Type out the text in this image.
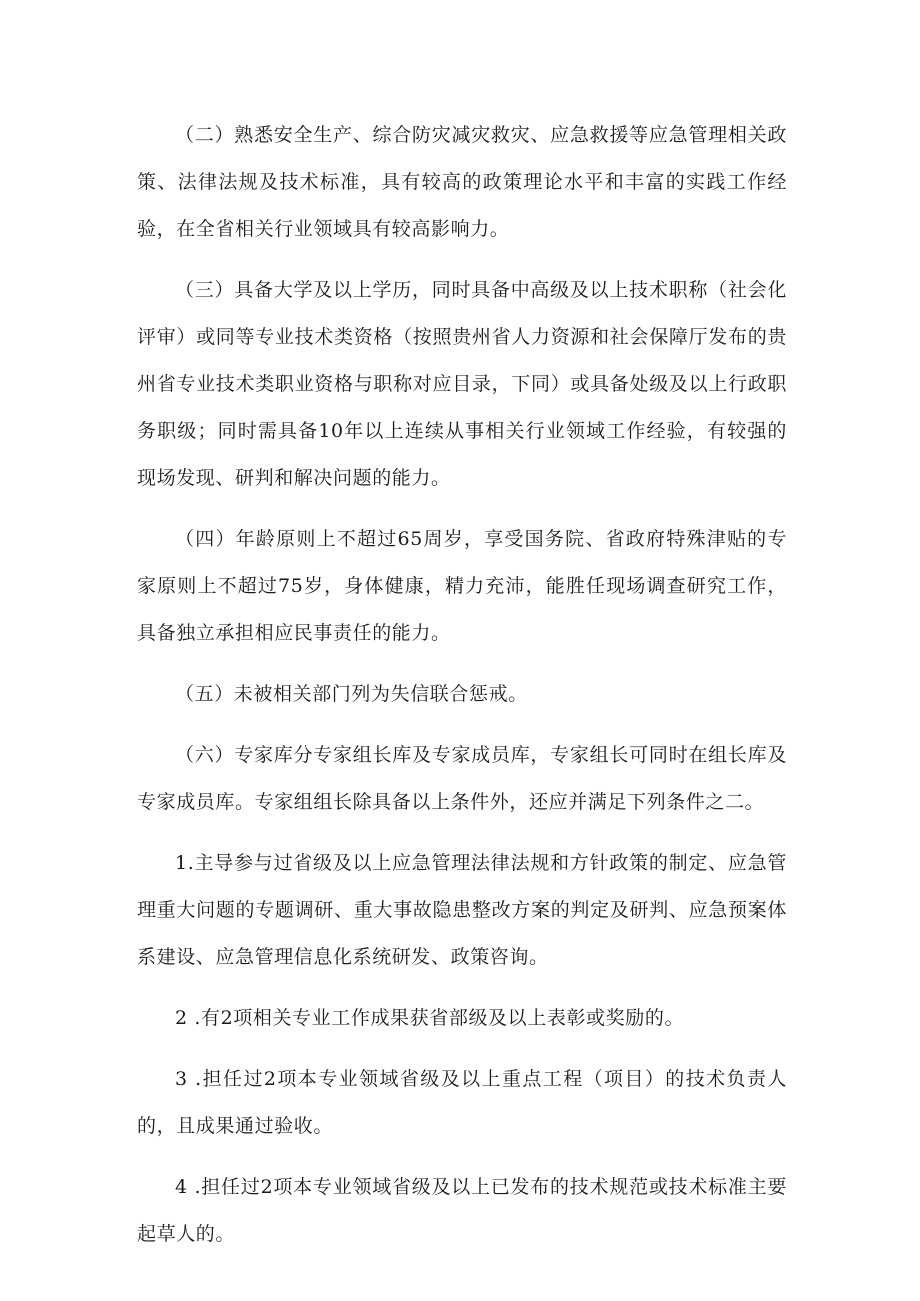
（二）熟悉安全生产、综合防灾减灾救灾、应急救援等应急管理相关政策、法律法规及技术标准，具有较高的政策理论水平和丰富的实践工作经验，在全省相关行业领域具有较高影响力。

（三）具备大学及以上学历，同时具备中高级及以上技术职称（社会化评审）或同等专业技术类资格（按照贵州省人力资源和社会保障厅发布的贵州省专业技术类职业资格与职称对应目录，下同）或具备处级及以上行政职务职级；同时需具备10年以上连续从事相关行业领域工作经验，有较强的现场发现、研判和解决问题的能力。

（四）年龄原则上不超过65周岁，享受国务院、省政府特殊津贴的专家原则上不超过75岁，身体健康，精力充沛，能胜任现场调查研究工作，具备独立承担相应民事责任的能力。

（五）未被相关部门列为失信联合惩戒。

（六）专家库分专家组长库及专家成员库，专家组长可同时在组长库及专家成员库。专家组组长除具备以上条件外，还应并满足下列条件之二。

1.主导参与过省级及以上应急管理法律法规和方针政策的制定、应急管理重大问题的专题调研、重大事故隐患整改方案的判定及研判、应急预案体系建设、应急管理信息化系统研发、政策咨询。

2 .有2项相关专业工作成果获省部级及以上表彰或奖励的。

3 .担任过2项本专业领域省级及以上重点工程（项目）的技术负责人的，且成果通过验收。

4 .担任过2项本专业领域省级及以上已发布的技术规范或技术标准主要起草人的。
